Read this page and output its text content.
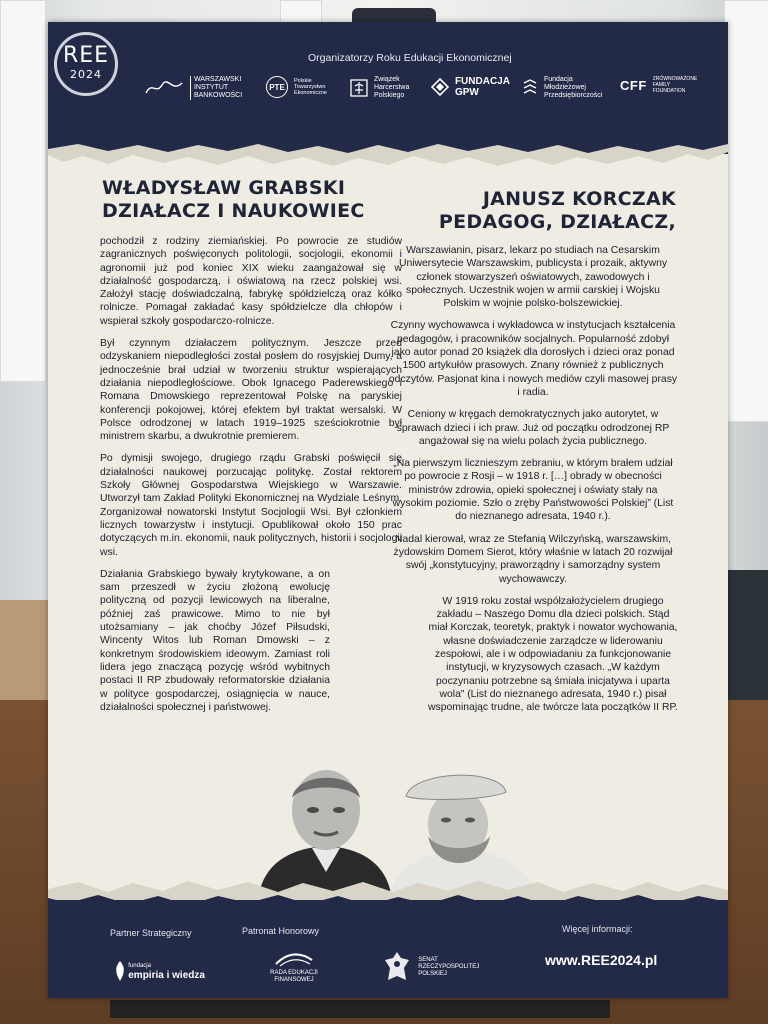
REE
2024
Organizatorzy Roku Edukacji Ekonomicznej
WARSZAWSKI INSTYTUT BANKOWOŚCI
PTE Polskie Towarzystwo Ekonomiczne
Związek Harcerstwa Polskiego
FUNDACJA GPW
Fundacja Młodzieżowej Przedsiębiorczości
CFF ZRÓWNOWAŻONE FAMILY FOUNDATION
WŁADYSŁAW GRABSKI
DZIAŁACZ I NAUKOWIEC

pochodził z rodziny ziemiańskiej. Po powrocie ze studiów zagranicznych poświęconych politologii, socjologii, ekonomii i agronomii już pod koniec XIX wieku zaangażował się w działalność gospodarczą, i oświatową na rzecz polskiej wsi. Założył stację doświadczalną, fabrykę spółdzielczą oraz kółko rolnicze. Pomagał zakładać kasy spółdzielcze dla chłopów i wspierał szkoły gospodarczo-rolnicze.

Był czynnym działaczem politycznym. Jeszcze przed odzyskaniem niepodległości został posłem do rosyjskiej Dumy, a jednocześnie brał udział w tworzeniu struktur wspierających działania niepodległościowe. Obok Ignacego Paderewskiego i Romana Dmowskiego reprezentował Polskę na paryskiej konferencji pokojowej, której efektem był traktat wersalski. W Polsce odrodzonej w latach 1919–1925 sześciokrotnie był ministrem skarbu, a dwukrotnie premierem.

Po dymisji swojego, drugiego rządu Grabski poświęcił się działalności naukowej porzucając politykę. Został rektorem Szkoły Głównej Gospodarstwa Wiejskiego w Warszawie. Utworzył tam Zakład Polityki Ekonomicznej na Wydziale Leśnym. Zorganizował nowatorski Instytut Socjologii Wsi. Był członkiem licznych towarzystw i instytucji. Opublikował około 150 prac dotyczących m.in. ekonomii, nauk politycznych, historii i socjologii wsi.

Działania Grabskiego bywały krytykowane, a on sam przeszedł w życiu złożoną ewolucję polityczną od pozycji lewicowych na liberalne, później zaś prawicowe. Mimo to nie był utożsamiany – jak choćby Józef Piłsudski, Wincenty Witos lub Roman Dmowski – z konkretnym środowiskiem ideowym. Zamiast roli lidera jego znaczącą pozycję wśród wybitnych postaci II RP zbudowały reformatorskie działania w polityce gospodarczej, osiągnięcia w nauce, działalności społecznej i państwowej.

JANUSZ KORCZAK
PEDAGOG, DZIAŁACZ,

Warszawianin, pisarz, lekarz po studiach na Cesarskim Uniwersytecie Warszawskim, publicysta i prozaik, aktywny członek stowarzyszeń oświatowych, zawodowych i społecznych. Uczestnik wojen w armii carskiej i Wojsku Polskim w wojnie polsko-bolszewickiej.

Czynny wychowawca i wykładowca w instytucjach kształcenia pedagogów, i pracowników socjalnych. Popularność zdobył jako autor ponad 20 książek dla dorosłych i dzieci oraz ponad 1500 artykułów prasowych. Znany również z publicznych odczytów. Pasjonat kina i nowych mediów czyli masowej prasy i radia.

Ceniony w kręgach demokratycznych jako autorytet, w sprawach dzieci i ich praw. Już od początku odrodzonej RP angażował się na wielu polach życia publicznego.

„Na pierwszym licznieszym zebraniu, w którym brałem udział po powrocie z Rosji – w 1918 r. […] obrady w obecności ministrów zdrowia, opieki społecznej i oświaty stały na wysokim poziomie. Szło o zręby Państwowości Polskiej” (List do nieznanego adresata, 1940 r.).

Nadal kierował, wraz ze Stefanią Wilczyńską, warszawskim, żydowskim Domem Sierot, który właśnie w latach 20 rozwijał swój „konstytucyjny, praworządny i samorządny system wychowawczy.

W 1919 roku został współzałożycielem drugiego zakładu – Naszego Domu dla dzieci polskich. Stąd miał Korczak, teoretyk, praktyk i nowator wychowania, własne doświadczenie zarządcze w liderowaniu zespołowi, ale i w odpowiadaniu za funkcjonowanie instytucji, w kryzysowych czasach. „W każdym poczynaniu potrzebne są śmiała inicjatywa i uparta wola” (List do nieznanego adresata, 1940 r.) pisał wspominając trudne, ale twórcze lata początków II RP.

Partner Strategiczny

fundacja
empiria i wiedza
Patronat Honorowy
RADA EDUKACJI FINANSOWEJ
SENAT RZECZYPOSPOLITEJ POLSKIEJ
Więcej informacji:
www.REE2024.pl
